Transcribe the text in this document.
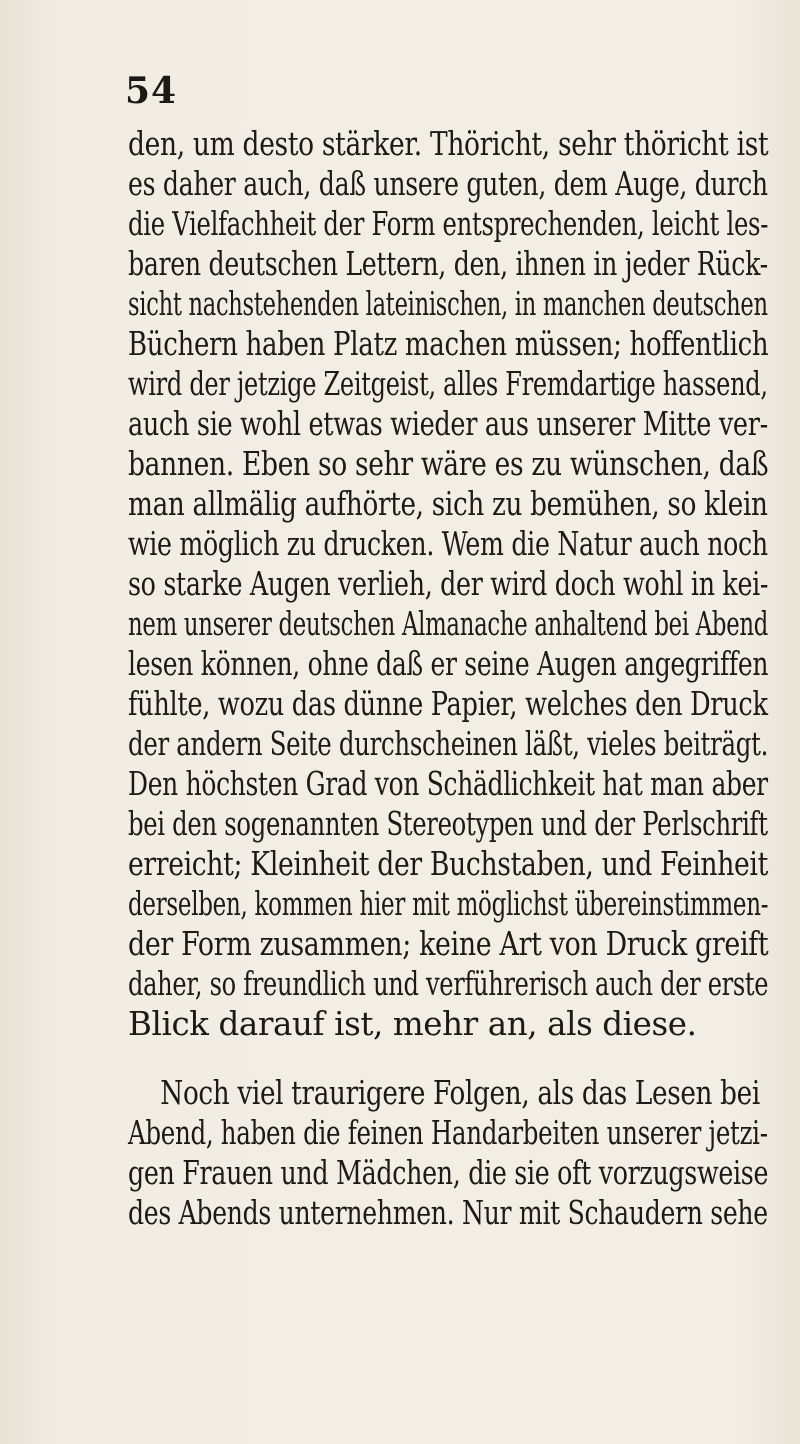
54
den, um desto stärker. Thöricht, sehr thöricht ist
es daher auch, daß unsere guten, dem Auge, durch
die Vielfachheit der Form entsprechenden, leicht les-
baren deutschen Lettern, den, ihnen in jeder Rück-
sicht nachstehenden lateinischen, in manchen deutschen
Büchern haben Platz machen müssen; hoffentlich
wird der jetzige Zeitgeist, alles Fremdartige hassend,
auch sie wohl etwas wieder aus unserer Mitte ver-
bannen. Eben so sehr wäre es zu wünschen, daß
man allmälig aufhörte, sich zu bemühen, so klein
wie möglich zu drucken. Wem die Natur auch noch
so starke Augen verlieh, der wird doch wohl in kei-
nem unserer deutschen Almanache anhaltend bei Abend
lesen können, ohne daß er seine Augen angegriffen
fühlte, wozu das dünne Papier, welches den Druck
der andern Seite durchscheinen läßt, vieles beiträgt.
Den höchsten Grad von Schädlichkeit hat man aber
bei den sogenannten Stereotypen und der Perlschrift
erreicht; Kleinheit der Buchstaben, und Feinheit
derselben, kommen hier mit möglichst übereinstimmen-
der Form zusammen; keine Art von Druck greift
daher, so freundlich und verführerisch auch der erste
Blick darauf ist, mehr an, als diese.
Noch viel traurigere Folgen, als das Lesen bei
Abend, haben die feinen Handarbeiten unserer jetzi-
gen Frauen und Mädchen, die sie oft vorzugsweise
des Abends unternehmen. Nur mit Schaudern sehe
